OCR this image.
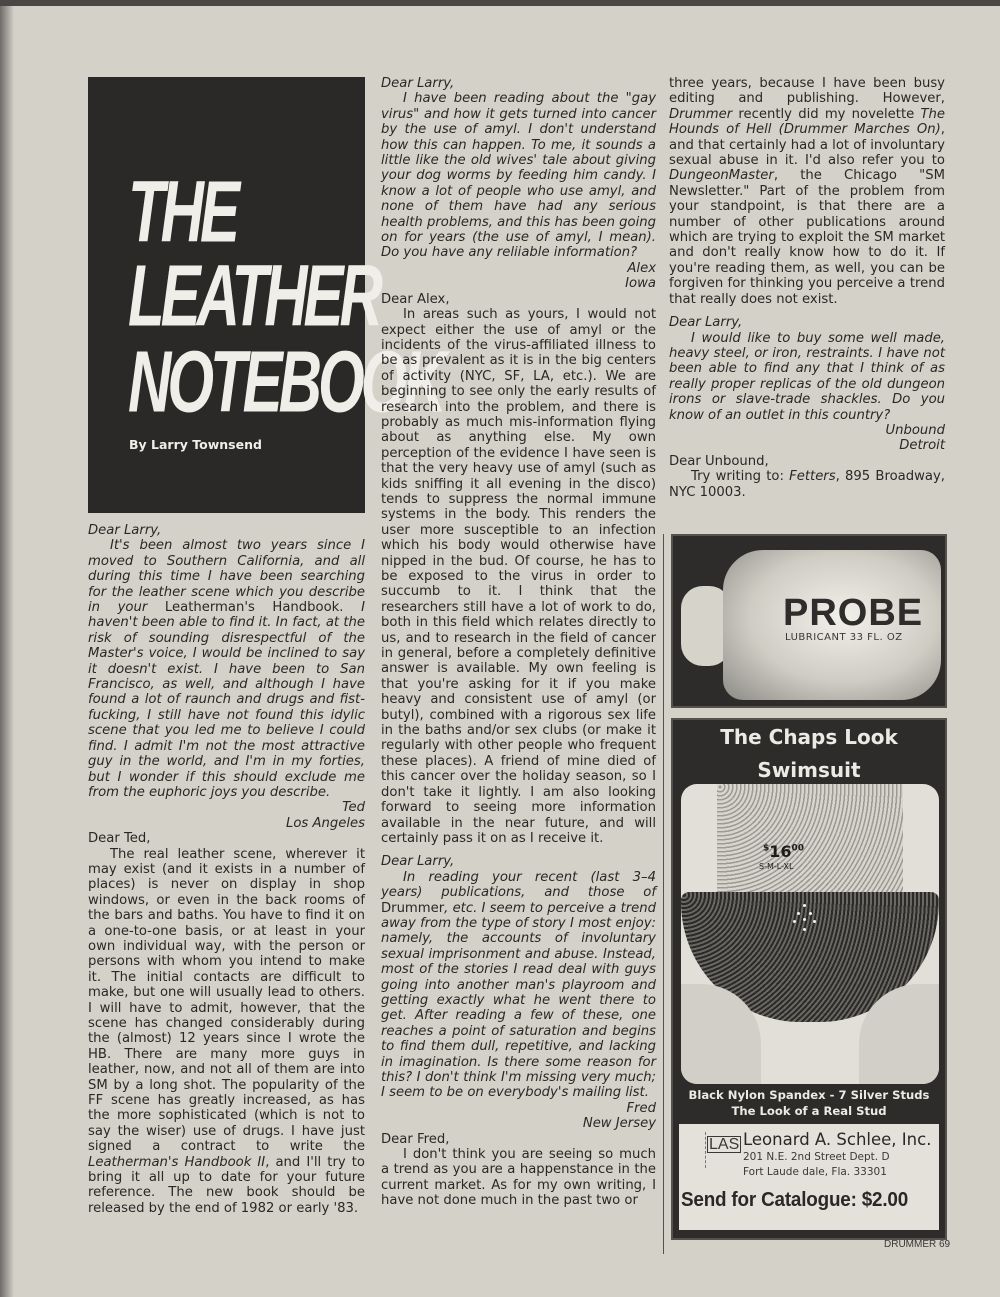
THE
LEATHER
NOTEBOOK
By Larry Townsend

Dear Larry,

It's been almost two years since I moved to Southern California, and all during this time I have been searching for the leather scene which you describe in your Leatherman's Handbook. I haven't been able to find it. In fact, at the risk of sounding disrespectful of the Master's voice, I would be inclined to say it doesn't exist. I have been to San Francisco, as well, and although I have found a lot of raunch and drugs and fist-fucking, I still have not found this idylic scene that you led me to believe I could find. I admit I'm not the most attractive guy in the world, and I'm in my forties, but I wonder if this should exclude me from the euphoric joys you describe.

Ted

Los Angeles

Dear Ted,

The real leather scene, wherever it may exist (and it exists in a number of places) is never on display in shop windows, or even in the back rooms of the bars and baths. You have to find it on a one-to-one basis, or at least in your own individual way, with the person or persons with whom you intend to make it. The initial contacts are difficult to make, but one will usually lead to others. I will have to admit, however, that the scene has changed considerably during the (almost) 12 years since I wrote the HB. There are many more guys in leather, now, and not all of them are into SM by a long shot. The popularity of the FF scene has greatly increased, as has the more sophisticated (which is not to say the wiser) use of drugs. I have just signed a contract to write the Leatherman's Handbook II, and I'll try to bring it all up to date for your future reference. The new book should be released by the end of 1982 or early '83.

Dear Larry,

I have been reading about the "gay virus" and how it gets turned into cancer by the use of amyl. I don't understand how this can happen. To me, it sounds a little like the old wives' tale about giving your dog worms by feeding him candy. I know a lot of people who use amyl, and none of them have had any serious health problems, and this has been going on for years (the use of amyl, I mean). Do you have any reliiable information?

Alex

Iowa

Dear Alex,

In areas such as yours, I would not expect either the use of amyl or the incidents of the virus-affiliated illness to be as prevalent as it is in the big centers of activity (NYC, SF, LA, etc.). We are beginning to see only the early results of research into the problem, and there is probably as much mis-information flying about as anything else. My own perception of the evidence I have seen is that the very heavy use of amyl (such as kids sniffing it all evening in the disco) tends to suppress the normal immune systems in the body. This renders the user more susceptible to an infection which his body would otherwise have nipped in the bud. Of course, he has to be exposed to the virus in order to succumb to it. I think that the researchers still have a lot of work to do, both in this field which relates directly to us, and to research in the field of cancer in general, before a completely definitive answer is available. My own feeling is that you're asking for it if you make heavy and consistent use of amyl (or butyl), combined with a rigorous sex life in the baths and/or sex clubs (or make it regularly with other people who frequent these places). A friend of mine died of this cancer over the holiday season, so I don't take it lightly. I am also looking forward to seeing more information available in the near future, and will certainly pass it on as I receive it.

Dear Larry,

In reading your recent (last 3–4 years) publications, and those of Drummer, etc. I seem to perceive a trend away from the type of story I most enjoy: namely, the accounts of involuntary sexual imprisonment and abuse. Instead, most of the stories I read deal with guys going into another man's playroom and getting exactly what he went there to get. After reading a few of these, one reaches a point of saturation and begins to find them dull, repetitive, and lacking in imagination. Is there some reason for this? I don't think I'm missing very much; I seem to be on everybody's mailing list.

Fred

New Jersey

Dear Fred,

I don't think you are seeing so much a trend as you are a happenstance in the current market. As for my own writing, I have not done much in the past two or

three years, because I have been busy editing and publishing. However, Drummer recently did my novelette The Hounds of Hell (Drummer Marches On), and that certainly had a lot of involuntary sexual abuse in it. I'd also refer you to DungeonMaster, the Chicago "SM Newsletter." Part of the problem from your standpoint, is that there are a number of other publications around which are trying to exploit the SM market and don't really know how to do it. If you're reading them, as well, you can be forgiven for thinking you perceive a trend that really does not exist.

Dear Larry,

I would like to buy some well made, heavy steel, or iron, restraints. I have not been able to find any that I think of as really proper replicas of the old dungeon irons or slave-trade shackles. Do you know of an outlet in this country?

Unbound

Detroit

Dear Unbound,

Try writing to: Fetters, 895 Broadway, NYC 10003.

PROBE
LUBRICANT 33 FL. OZ
The Chaps Look
Swimsuit
$^{\$}16^{00}$
S-M-L-XL
Black Nylon Spandex - 7 Silver Studs
The Look of a Real Stud
LAS Leonard A. Schlee, Inc.
201 N.E. 2nd Street Dept. D
Fort Laude dale, Fla. 33301
Send for Catalogue: $2.00
DRUMMER 69
